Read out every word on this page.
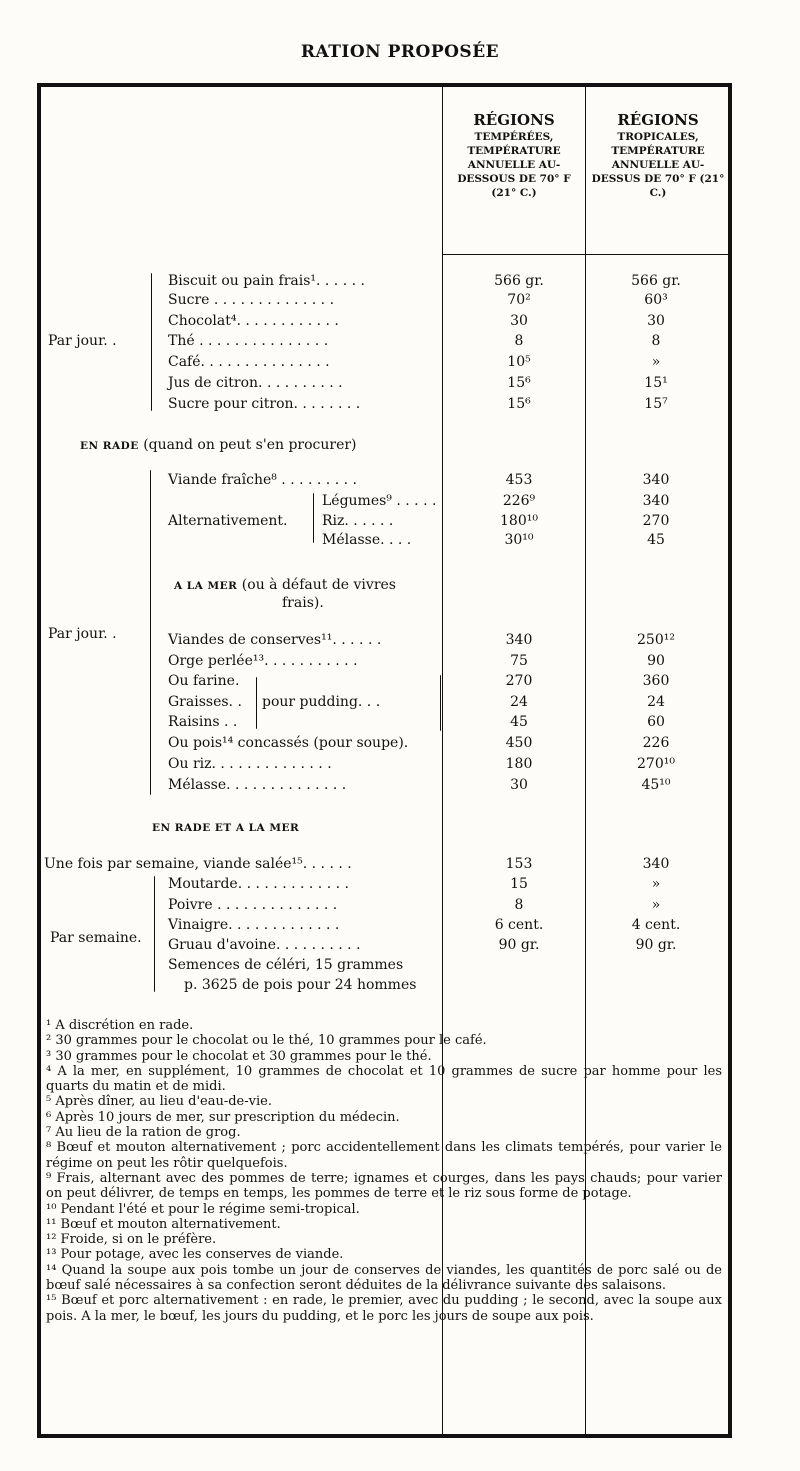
RATION PROPOSÉE
RÉGIONS
TEMPÉRÉES, TEMPÉRATURE ANNUELLE AU-DESSOUS DE 70° F (21° C.)
RÉGIONS
TROPICALES, TEMPÉRATURE ANNUELLE AU-DESSUS DE 70° F (21° C.)
Par jour. .
Biscuit ou pain frais¹. . . . . .	566 gr.	566 gr.
Sucre . . . . . . . . . . . . . .	70²	60³
Chocolat⁴. . . . . . . . . . . .	30	30
Thé . . . . . . . . . . . . . . .	8	8
Café. . . . . . . . . . . . . . .	10⁵	»
Jus de citron. . . . . . . . . .	15⁶	15¹
Sucre pour citron. . . . . . . .	15⁶	15⁷
EN RADE (quand on peut s'en procurer)
Par jour. .
Viande fraîche⁸ . . . . . . . . .	453	340
Alternativement.
Légumes⁹ . . . . .	226⁹	340
Riz. . . . . .	180¹⁰	270
Mélasse. . . .	30¹⁰	45
A LA MER (ou à défaut de vivres
frais).
Viandes de conserves¹¹. . . . . .	340	250¹²
Orge perlée¹³. . . . . . . . . . .	75	90
Ou farine.	270	360
Graisses. .	24	24
Raisins . .	45	60
pour pudding. . .
Ou pois¹⁴ concassés (pour soupe).	450	226
Ou riz. . . . . . . . . . . . . .	180	270¹⁰
Mélasse. . . . . . . . . . . . . .	30	45¹⁰
EN RADE ET A LA MER
Une fois par semaine, viande salée¹⁵. . . . . .	153	340
Par semaine.
Moutarde. . . . . . . . . . . . .	15	»
Poivre . . . . . . . . . . . . . .	8	»
Vinaigre. . . . . . . . . . . . .	6 cent.	4 cent.
Gruau d'avoine. . . . . . . . . .	90 gr.	90 gr.
Semences de céléri, 15 grammes
p. 3625 de pois pour 24 hommes
¹ A discrétion en rade.
² 30 grammes pour le chocolat ou le thé, 10 grammes pour le café.
³ 30 grammes pour le chocolat et 30 grammes pour le thé.
⁴ A la mer, en supplément, 10 grammes de chocolat et 10 grammes de sucre par homme pour les quarts du matin et de midi.
⁵ Après dîner, au lieu d'eau-de-vie.
⁶ Après 10 jours de mer, sur prescription du médecin.
⁷ Au lieu de la ration de grog.
⁸ Bœuf et mouton alternativement ; porc accidentellement dans les climats tempérés, pour varier le régime on peut les rôtir quelquefois.
⁹ Frais, alternant avec des pommes de terre; ignames et courges, dans les pays chauds; pour varier on peut délivrer, de temps en temps, les pommes de terre et le riz sous forme de potage.
¹⁰ Pendant l'été et pour le régime semi-tropical.
¹¹ Bœuf et mouton alternativement.
¹² Froide, si on le préfère.
¹³ Pour potage, avec les conserves de viande.
¹⁴ Quand la soupe aux pois tombe un jour de conserves de viandes, les quantités de porc salé ou de bœuf salé nécessaires à sa confection seront déduites de la délivrance suivante des salaisons.
¹⁵ Bœuf et porc alternativement : en rade, le premier, avec du pudding ; le second, avec la soupe aux pois. A la mer, le bœuf, les jours du pudding, et le porc les jours de soupe aux pois.
